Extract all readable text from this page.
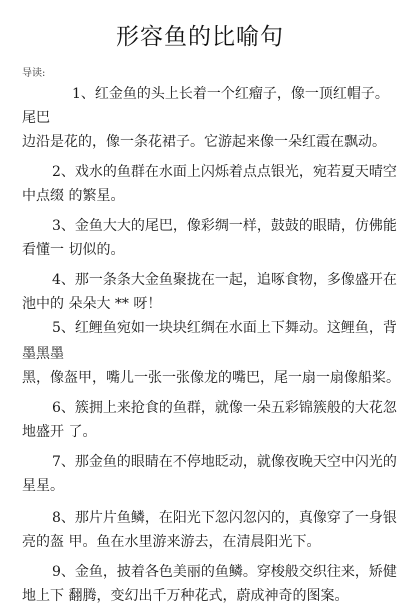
形容鱼的比喻句
导读:
1、红金鱼的头上长着一个红瘤子，像一顶红帽子。
尾巴
边沿是花的，像一条花裙子。它游起来像一朵红霞在飘动。
2、戏水的鱼群在水面上闪烁着点点银光，宛若夏天晴空
中点缀 的繁星。
3、金鱼大大的尾巴，像彩绸一样，鼓鼓的眼睛，仿佛能
看懂一 切似的。
4、那一条条大金鱼聚拢在一起，追啄食物，多像盛开在
池中的 朵朵大 ** 呀！
5、红鲤鱼宛如一块块红绸在水面上下舞动。这鲤鱼，背
墨黑墨
黑，像盔甲，嘴儿一张一张像龙的嘴巴，尾一扇一扇像船桨。
6、簇拥上来抢食的鱼群，就像一朵五彩锦簇般的大花忽
地盛开 了。
7、那金鱼的眼睛在不停地眨动，就像夜晚天空中闪光的
星星。
8、那片片鱼鳞，在阳光下忽闪忽闪的，真像穿了一身银
亮的盔 甲。鱼在水里游来游去，在清晨阳光下。
9、金鱼，披着各色美丽的鱼鳞。穿梭般交织往来，矫健
地上下 翻腾，变幻出千万种花式，蔚成神奇的图案。
